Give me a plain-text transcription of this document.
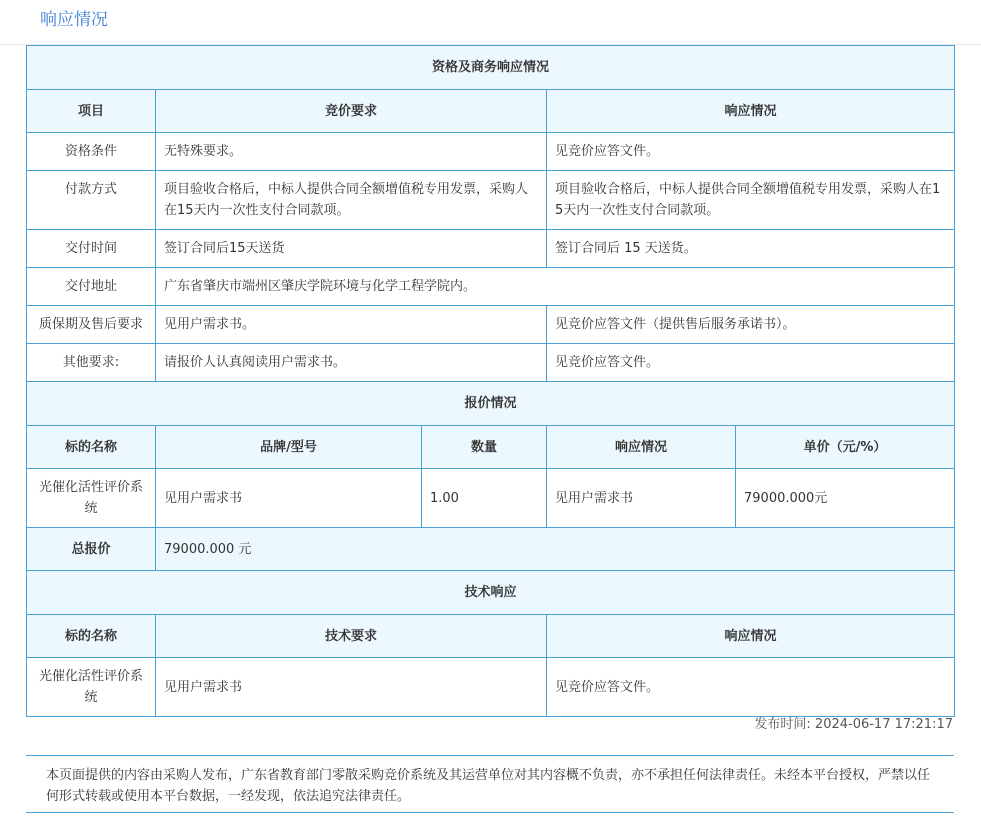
响应情况
资格及商务响应情况				
项目	竞价要求		响应情况	
资格条件	无特殊要求。		见竞价应答文件。	
付款方式	项目验收合格后，中标人提供合同全额增值税专用发票，采购人在15天内一次性支付合同款项。		项目验收合格后，中标人提供合同全额增值税专用发票，采购人在15天内一次性支付合同款项。	
交付时间	签订合同后15天送货		签订合同后 15 天送货。	
交付地址	广东省肇庆市端州区肇庆学院环境与化学工程学院内。			
质保期及售后要求	见用户需求书。		见竞价应答文件（提供售后服务承诺书）。	
其他要求:	请报价人认真阅读用户需求书。		见竞价应答文件。	
报价情况				
标的名称	品牌/型号	数量	响应情况	单价（元/%）
光催化活性评价系统	见用户需求书	1.00	见用户需求书	79000.000元
总报价	79000.000 元			
技术响应				
标的名称	技术要求		响应情况	
光催化活性评价系统	见用户需求书		见竞价应答文件。	
发布时间: 2024-06-17 17:21:17

本页面提供的内容由采购人发布，广东省教育部门零散采购竞价系统及其运营单位对其内容概不负责，亦不承担任何法律责任。未经本平台授权，严禁以任何形式转载或使用本平台数据，一经发现，依法追究法律责任。
